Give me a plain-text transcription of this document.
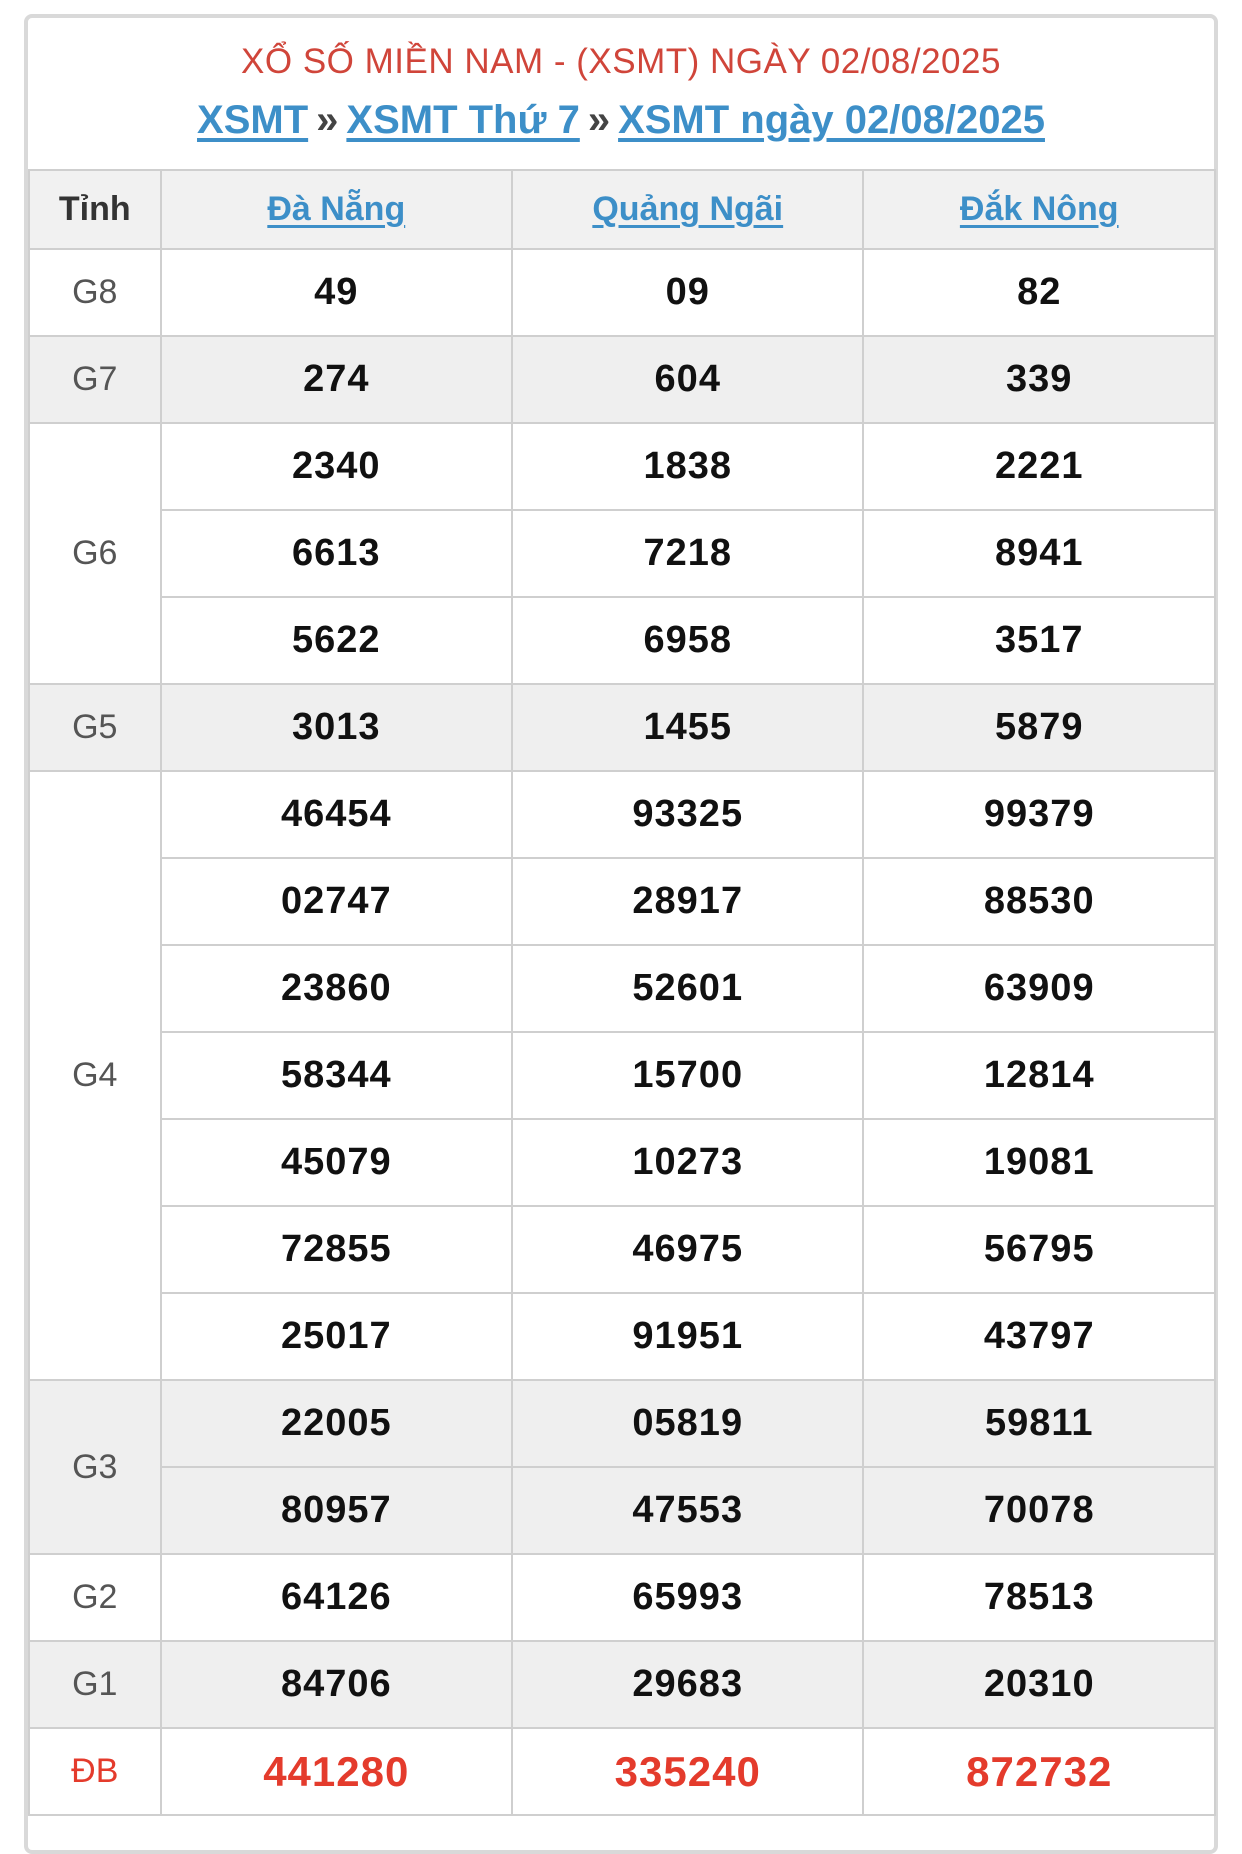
XỔ SỐ MIỀN NAM - (XSMT) NGÀY 02/08/2025
XSMT » XSMT Thứ 7 » XSMT ngày 02/08/2025
Tỉnh	Đà Nẵng	Quảng Ngãi	Đắk Nông
G8	49	09	82
G7	274	604	339
G6	2340	1838	2221
	6613	7218	8941
	5622	6958	3517
G5	3013	1455	5879
G4	46454	93325	99379
	02747	28917	88530
	23860	52601	63909
	58344	15700	12814
	45079	10273	19081
	72855	46975	56795
	25017	91951	43797
G3	22005	05819	59811
	80957	47553	70078
G2	64126	65993	78513
G1	84706	29683	20310
ĐB	441280	335240	872732
